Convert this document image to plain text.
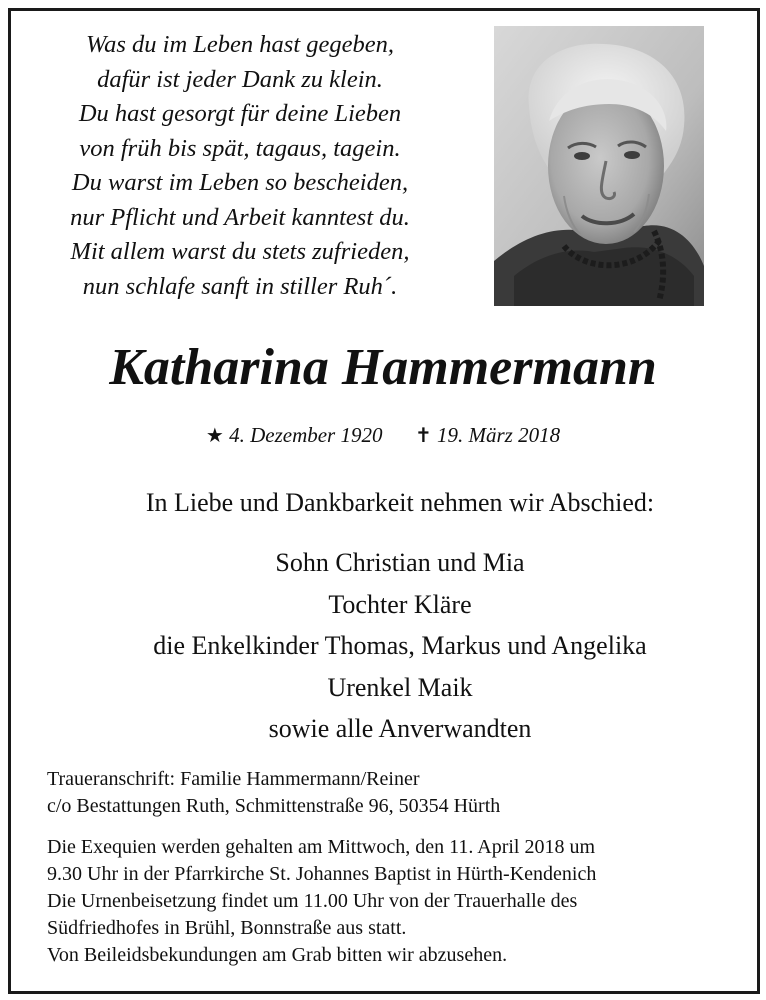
Was du im Leben hast gegeben,
dafür ist jeder Dank zu klein.
Du hast gesorgt für deine Lieben
von früh bis spät, tagaus, tagein.
Du warst im Leben so bescheiden,
nur Pflicht und Arbeit kanntest du.
Mit allem warst du stets zufrieden,
nun schlafe sanft in stiller Ruh´.
Katharina Hammermann
★ 4. Dezember 1920 ✝ 19. März 2018
In Liebe und Dankbarkeit nehmen wir Abschied:
Sohn Christian und Mia
Tochter Kläre
die Enkelkinder Thomas, Markus und Angelika
Urenkel Maik
sowie alle Anverwandten
Traueranschrift: Familie Hammermann/Reiner
c/o Bestattungen Ruth, Schmittenstraße 96, 50354 Hürth
Die Exequien werden gehalten am Mittwoch, den 11. April 2018 um
9.30 Uhr in der Pfarrkirche St. Johannes Baptist in Hürth-Kendenich
Die Urnenbeisetzung findet um 11.00 Uhr von der Trauerhalle des
Südfriedhofes in Brühl, Bonnstraße aus statt.
Von Beileidsbekundungen am Grab bitten wir abzusehen.
